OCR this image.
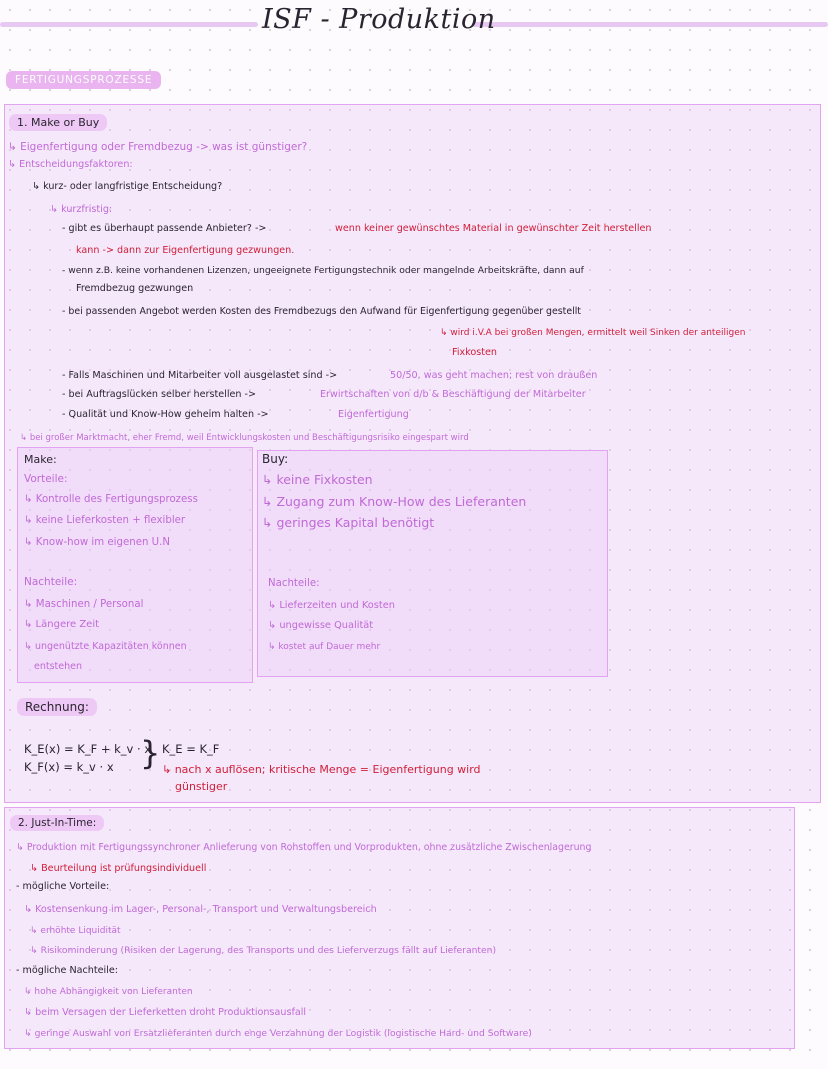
ISF - Produktion
FERTIGUNGSPROZESSE
1. Make or Buy
↳ Eigenfertigung oder Fremdbezug -> was ist günstiger?
↳ Entscheidungsfaktoren:
↳ kurz- oder langfristige Entscheidung?
↳ kurzfristig:
- gibt es überhaupt passende Anbieter? ->	wenn keiner gewünschtes Material in gewünschter Zeit herstellen
kann -> dann zur Eigenfertigung gezwungen.
- wenn z.B. keine vorhandenen Lizenzen, ungeeignete Fertigungstechnik oder mangelnde Arbeitskräfte, dann auf
Fremdbezug gezwungen
- bei passenden Angebot werden Kosten des Fremdbezugs den Aufwand für Eigenfertigung gegenüber gestellt
↳ wird i.V.A bei großen Mengen, ermittelt weil Sinken der anteiligen
Fixkosten
- Falls Maschinen und Mitarbeiter voll ausgelastet sind ->	50/50, was geht machen; rest von draußen
- bei Auftragslücken selber herstellen ->	Erwirtschaften von d/b & Beschäftigung der Mitarbeiter
- Qualität und Know-How geheim halten ->	Eigenfertigung
↳ bei großer Marktmacht, eher Fremd, weil Entwicklungskosten und Beschäftigungsrisiko eingespart wird
Make:
Vorteile:
↳ Kontrolle des Fertigungsprozess
↳ keine Lieferkosten + flexibler
↳ Know-how im eigenen U.N
Nachteile:
↳ Maschinen / Personal
↳ Längere Zeit
↳ ungenützte Kapazitäten können
entstehen
Buy:
↳ keine Fixkosten
↳ Zugang zum Know-How des Lieferanten
↳ geringes Kapital benötigt
Nachteile:
↳ Lieferzeiten und Kosten
↳ ungewisse Qualität
↳ kostet auf Dauer mehr
Rechnung:
K_E(x) = K_F + k_v · x
K_F(x) = k_v · x } K_E = K_F
↳ nach x auflösen; kritische Menge = Eigenfertigung wird
günstiger
2. Just-In-Time:
↳ Produktion mit Fertigungssynchroner Anlieferung von Rohstoffen und Vorprodukten, ohne zusätzliche Zwischenlagerung
↳ Beurteilung ist prüfungsindividuell
- mögliche Vorteile:
↳ Kostensenkung im Lager-, Personal-, Transport und Verwaltungsbereich
↳ erhöhte Liquidität
↳ Risikominderung (Risiken der Lagerung, des Transports und des Lieferverzugs fällt auf Lieferanten)
- mögliche Nachteile:
↳ hohe Abhängigkeit von Lieferanten
↳ beim Versagen der Lieferketten droht Produktionsausfall
↳ geringe Auswahl von Ersatzlieferanten durch enge Verzahnung der Logistik (logistische Hard- und Software)
